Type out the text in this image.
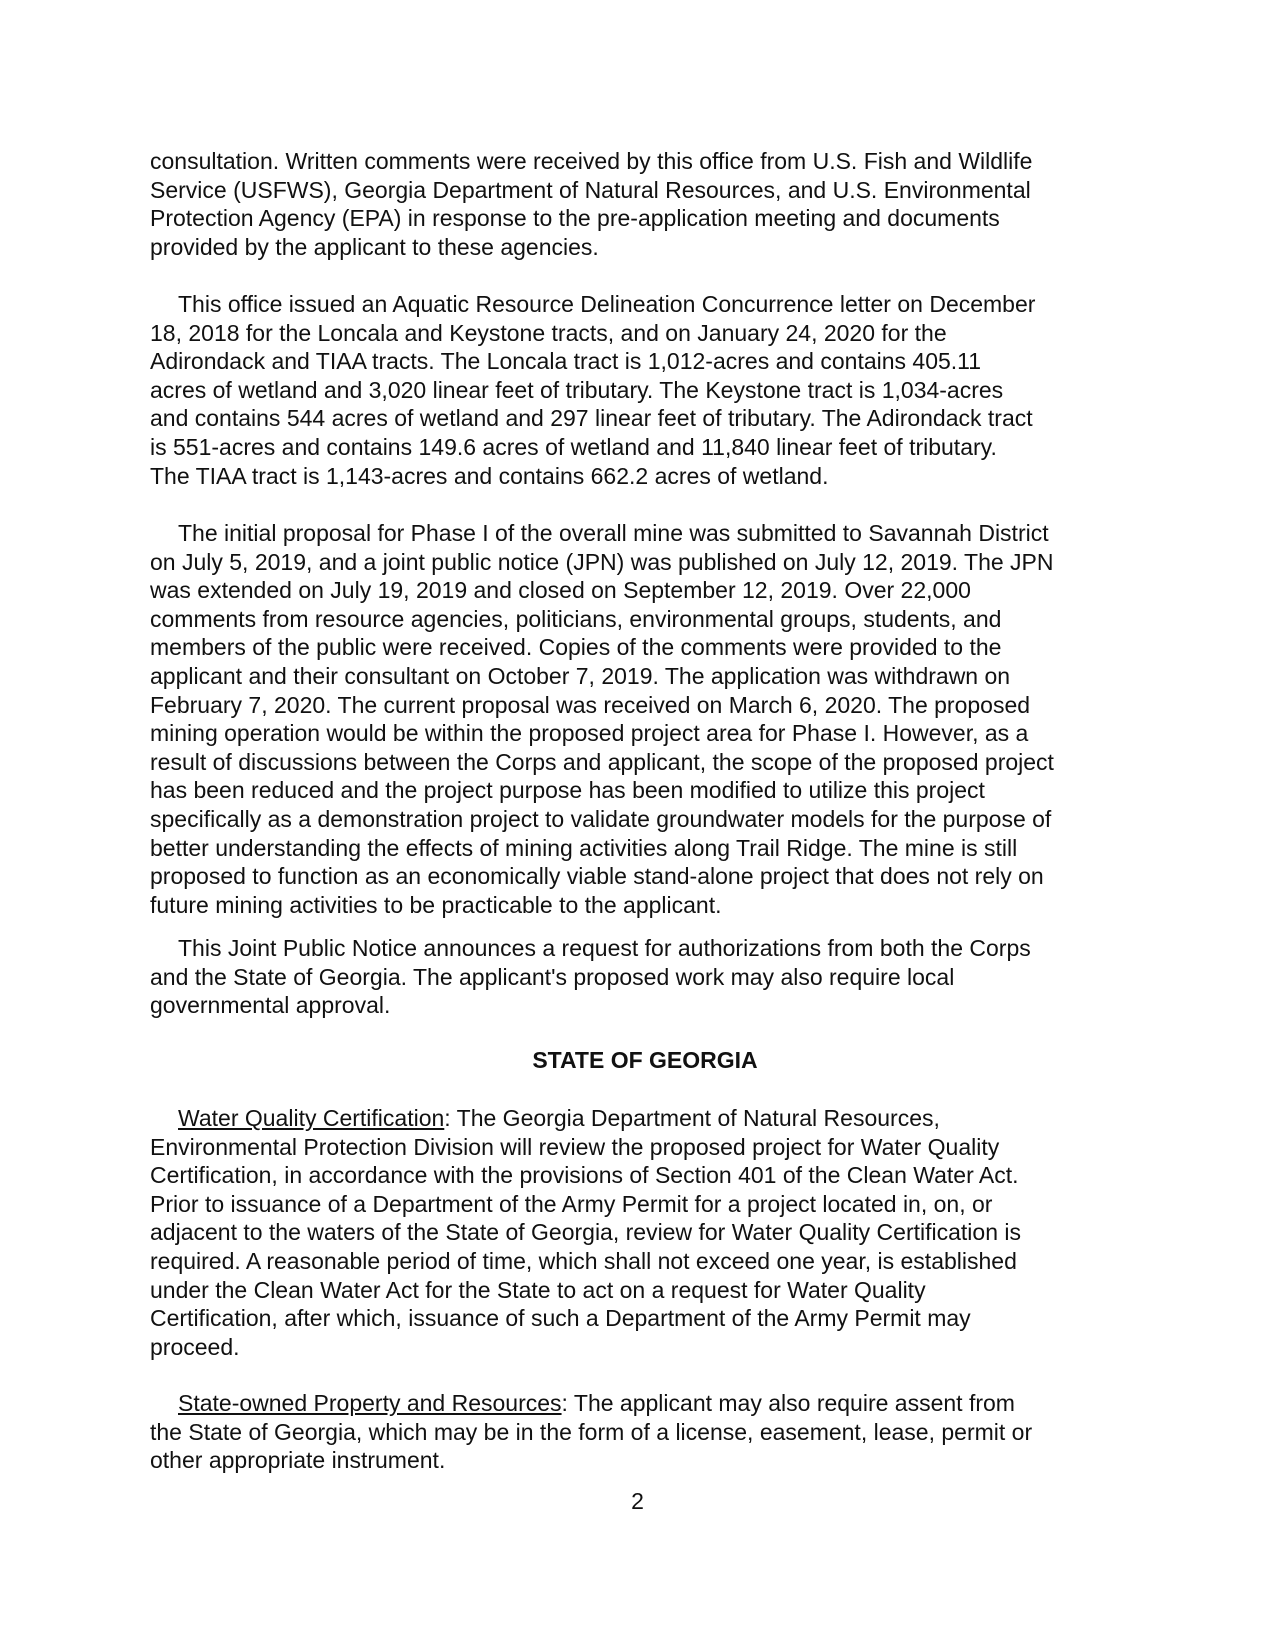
consultation. Written comments were received by this office from U.S. Fish and Wildlife
Service (USFWS), Georgia Department of Natural Resources, and U.S. Environmental
Protection Agency (EPA) in response to the pre-application meeting and documents
provided by the applicant to these agencies.

This office issued an Aquatic Resource Delineation Concurrence letter on December
18, 2018 for the Loncala and Keystone tracts, and on January 24, 2020 for the
Adirondack and TIAA tracts. The Loncala tract is 1,012-acres and contains 405.11
acres of wetland and 3,020 linear feet of tributary. The Keystone tract is 1,034-acres
and contains 544 acres of wetland and 297 linear feet of tributary. The Adirondack tract
is 551-acres and contains 149.6 acres of wetland and 11,840 linear feet of tributary.
The TIAA tract is 1,143-acres and contains 662.2 acres of wetland.

The initial proposal for Phase I of the overall mine was submitted to Savannah District
on July 5, 2019, and a joint public notice (JPN) was published on July 12, 2019. The JPN
was extended on July 19, 2019 and closed on September 12, 2019. Over 22,000
comments from resource agencies, politicians, environmental groups, students, and
members of the public were received. Copies of the comments were provided to the
applicant and their consultant on October 7, 2019. The application was withdrawn on
February 7, 2020. The current proposal was received on March 6, 2020. The proposed
mining operation would be within the proposed project area for Phase I. However, as a
result of discussions between the Corps and applicant, the scope of the proposed project
has been reduced and the project purpose has been modified to utilize this project
specifically as a demonstration project to validate groundwater models for the purpose of
better understanding the effects of mining activities along Trail Ridge. The mine is still
proposed to function as an economically viable stand-alone project that does not rely on
future mining activities to be practicable to the applicant.

This Joint Public Notice announces a request for authorizations from both the Corps
and the State of Georgia. The applicant's proposed work may also require local
governmental approval.

STATE OF GEORGIA

Water Quality Certification: The Georgia Department of Natural Resources,
Environmental Protection Division will review the proposed project for Water Quality
Certification, in accordance with the provisions of Section 401 of the Clean Water Act.
Prior to issuance of a Department of the Army Permit for a project located in, on, or
adjacent to the waters of the State of Georgia, review for Water Quality Certification is
required. A reasonable period of time, which shall not exceed one year, is established
under the Clean Water Act for the State to act on a request for Water Quality
Certification, after which, issuance of such a Department of the Army Permit may
proceed.

State-owned Property and Resources: The applicant may also require assent from
the State of Georgia, which may be in the form of a license, easement, lease, permit or
other appropriate instrument.

2
